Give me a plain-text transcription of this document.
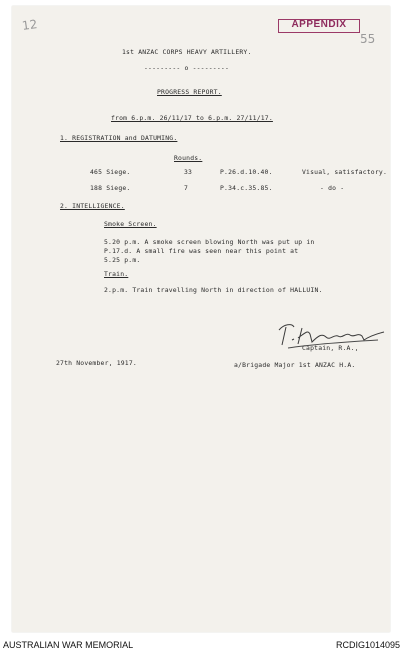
12
55
APPENDIX
1st ANZAC CORPS HEAVY ARTILLERY.
--------- o ---------
PROGRESS REPORT.
from 6.p.m. 26/11/17 to 6.p.m. 27/11/17.
1. REGISTRATION and DATUMING.
Rounds.
465 Siege.	33	P.26.d.10.40.	Visual, satisfactory.
188 Siege.	7	P.34.c.35.85.	- do -
2. INTELLIGENCE.
Smoke Screen.
5.20 p.m. A smoke screen blowing North was put up in
P.17.d. A small fire was seen near this point at
5.25 p.m.
Train.
2.p.m. Train travelling North in direction of HALLUIN.
Captain, R.A.,
27th November, 1917.	a/Brigade Major 1st ANZAC H.A.
AUSTRALIAN WAR MEMORIAL	RCDIG1014095
